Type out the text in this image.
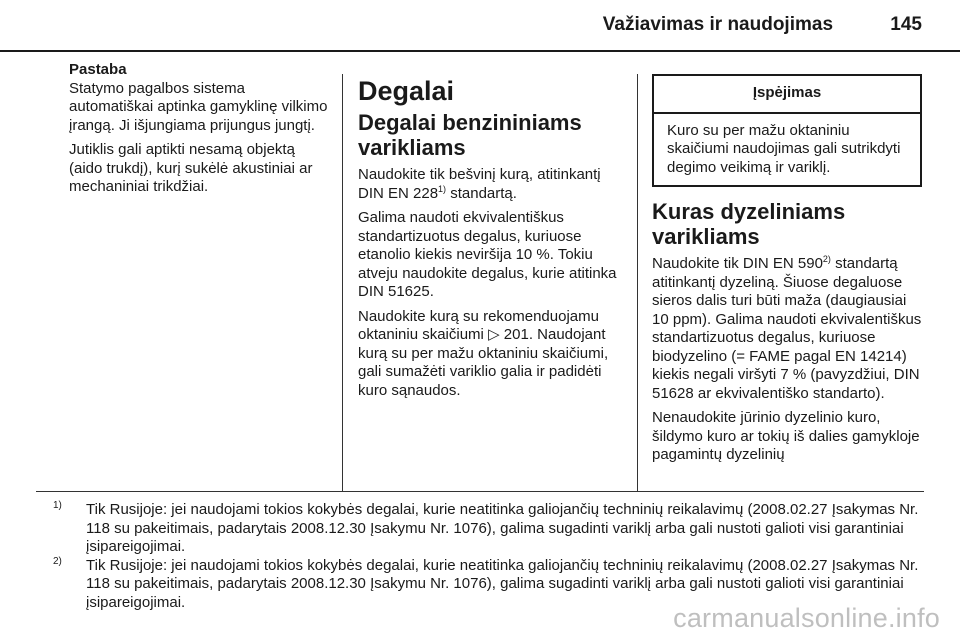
Važiavimas ir naudojimas	145
Pastaba

Statymo pagalbos sistema automatiškai aptinka gamyklinę vilkimo įrangą. Ji išjungiama prijungus jungtį.

Jutiklis gali aptikti nesamą objektą (aido trukdį), kurį sukėlė akustiniai ar mechaniniai trikdžiai.

Degalai
Degalai benzininiams varikliams

Naudokite tik bešvinį kurą, atitinkantį DIN EN 228$^{1)}$ standartą.

Galima naudoti ekvivalentiškus standartizuotus degalus, kuriuose etanolio kiekis neviršija 10 %. Tokiu atveju naudokite degalus, kurie atitinka DIN 51625.

Naudokite kurą su rekomenduojamu oktaniniu skaičiumi ▷ 201. Naudojant kurą su per mažu oktaniniu skaičiumi, gali sumažėti variklio galia ir padidėti kuro sąnaudos.

Įspėjimas
Kuro su per mažu oktaniniu skaičiumi naudojimas gali sutrikdyti degimo veikimą ir variklį.
Kuras dyzeliniams varikliams

Naudokite tik DIN EN 590$^{2)}$ standartą atitinkantį dyzeliną. Šiuose degaluose sieros dalis turi būti maža (daugiausiai 10 ppm). Galima naudoti ekvivalentiškus standartizuotus degalus, kuriuose biodyzelino (= FAME pagal EN 14214) kiekis negali viršyti 7 % (pavyzdžiui, DIN 51628 ar ekvivalentiško standarto).

Nenaudokite jūrinio dyzelinio kuro, šildymo kuro ar tokių iš dalies gamykloje pagamintų dyzelinių

1) Tik Rusijoje: jei naudojami tokios kokybės degalai, kurie neatitinka galiojančių techninių reikalavimų (2008.02.27 Įsakymas Nr. 118 su pakeitimais, padarytais 2008.12.30 Įsakymu Nr. 1076), galima sugadinti variklį arba gali nustoti galioti visi garantiniai įsipareigojimai.
2) Tik Rusijoje: jei naudojami tokios kokybės degalai, kurie neatitinka galiojančių techninių reikalavimų (2008.02.27 Įsakymas Nr. 118 su pakeitimais, padarytais 2008.12.30 Įsakymu Nr. 1076), galima sugadinti variklį arba gali nustoti galioti visi garantiniai įsipareigojimai.
carmanualsonline.info
